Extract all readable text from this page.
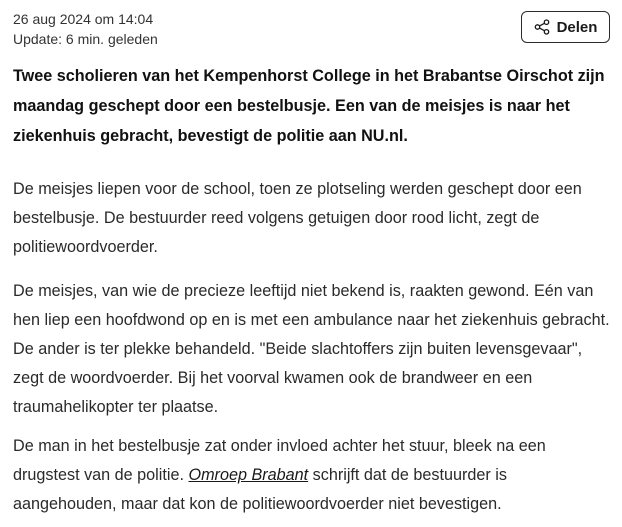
26 aug 2024 om 14:04
Update: 6 min. geleden
Delen

Twee scholieren van het Kempenhorst College in het Brabantse Oirschot zijn maandag geschept door een bestelbusje. Een van de meisjes is naar het ziekenhuis gebracht, bevestigt de politie aan NU.nl.

De meisjes liepen voor de school, toen ze plotseling werden geschept door een bestelbusje. De bestuurder reed volgens getuigen door rood licht, zegt de politiewoordvoerder.

De meisjes, van wie de precieze leeftijd niet bekend is, raakten gewond. Eén van hen liep een hoofdwond op en is met een ambulance naar het ziekenhuis gebracht. De ander is ter plekke behandeld. "Beide slachtoffers zijn buiten levensgevaar", zegt de woordvoerder. Bij het voorval kwamen ook de brandweer en een traumahelikopter ter plaatse.

De man in het bestelbusje zat onder invloed achter het stuur, bleek na een drugstest van de politie. Omroep Brabant schrijft dat de bestuurder is aangehouden, maar dat kon de politiewoordvoerder niet bevestigen.
